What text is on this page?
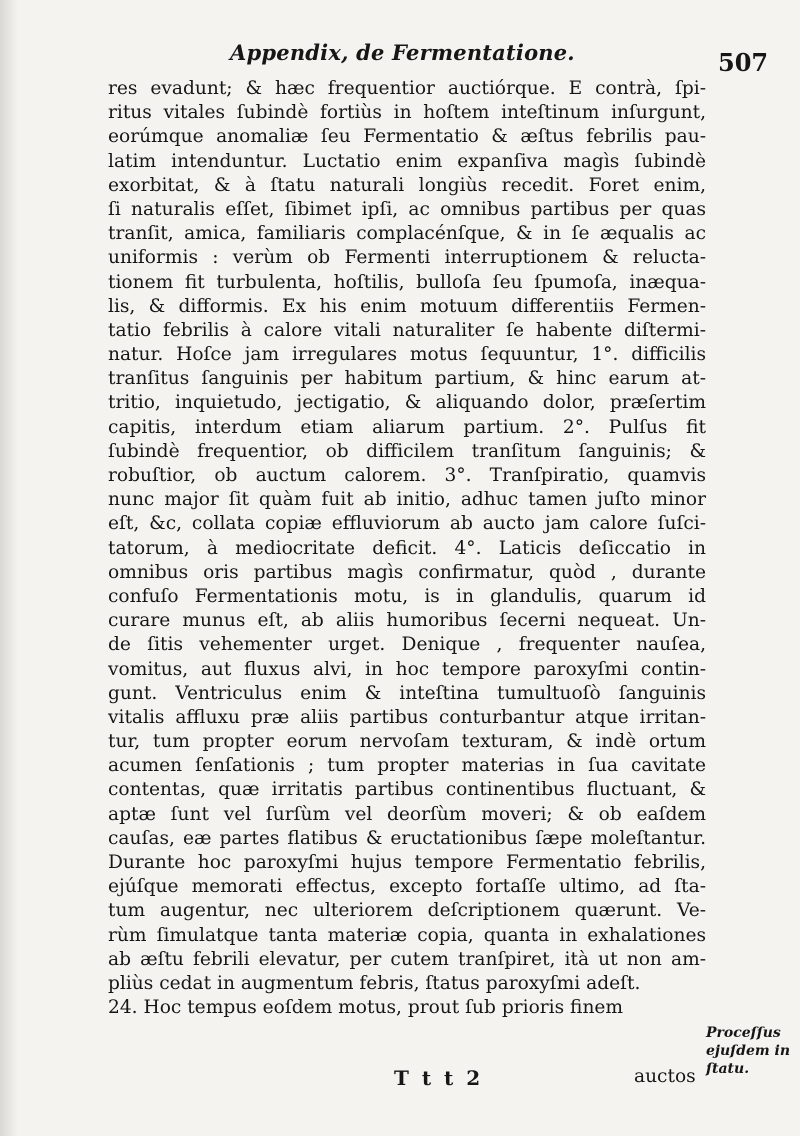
Appendix, de Fermentatione.	507
res evadunt; & hæc frequentior auctiórque. E contrà, ſpi-
ritus vitales ſubindè fortiùs in hoſtem inteſtinum inſurgunt,
eorúmque anomaliæ ſeu Fermentatio & æſtus febrilis pau-
latim intenduntur. Luctatio enim expanſiva magìs ſubindè
exorbitat, & à ſtatu naturali longiùs recedit. Foret enim,
ſi naturalis eſſet, ſibimet ipſi, ac omnibus partibus per quas
tranſit, amica, familiaris complacénſque, & in ſe æqualis ac
uniformis : verùm ob Fermenti interruptionem & relucta-
tionem fit turbulenta, hoſtilis, bulloſa ſeu ſpumoſa, inæqua-
lis, & difformis. Ex his enim motuum differentiis Fermen-
tatio febrilis à calore vitali naturaliter ſe habente diſtermi-
natur. Hoſce jam irregulares motus ſequuntur, 1°. difficilis
tranſitus ſanguinis per habitum partium, & hinc earum at-
tritio, inquietudo, jectigatio, & aliquando dolor, præſertim
capitis, interdum etiam aliarum partium. 2°. Pulſus fit
ſubindè frequentior, ob difficilem tranſitum ſanguinis; &
robuſtior, ob auctum calorem. 3°. Tranſpiratio, quamvis
nunc major ſit quàm fuit ab initio, adhuc tamen juſto minor
eſt, &c, collata copiæ effluviorum ab aucto jam calore ſuſci-
tatorum, à mediocritate deficit. 4°. Laticis deſiccatio in
omnibus oris partibus magìs confirmatur, quòd , durante
confuſo Fermentationis motu, is in glandulis, quarum id
curare munus eſt, ab aliis humoribus ſecerni nequeat. Un-
de ſitis vehementer urget. Denique , frequenter nauſea,
vomitus, aut fluxus alvi, in hoc tempore paroxyſmi contin-
gunt. Ventriculus enim & inteſtina tumultuoſò ſanguinis
vitalis affluxu præ aliis partibus conturbantur atque irritan-
tur, tum propter eorum nervoſam texturam, & indè ortum
acumen ſenſationis ; tum propter materias in ſua cavitate
contentas, quæ irritatis partibus continentibus fluctuant, &
aptæ ſunt vel ſurſùm vel deorſùm moveri; & ob eaſdem
cauſas, eæ partes flatibus & eructationibus ſæpe moleſtantur.
Durante hoc paroxyſmi hujus tempore Fermentatio febrilis,
ejúſque memorati effectus, excepto fortaſſe ultimo, ad ſta-
tum augentur, nec ulteriorem deſcriptionem quærunt. Ve-
rùm ſimulatque tanta materiæ copia, quanta in exhalationes
ab æſtu febrili elevatur, per cutem tranſpiret, ità ut non am-
pliùs cedat in augmentum febris, ſtatus paroxyſmi adeſt.
24. Hoc tempus eoſdem motus, prout ſub prioris finem
Proceſſus
ejuſdem in
ſtatu.
T t t 2	auctos
